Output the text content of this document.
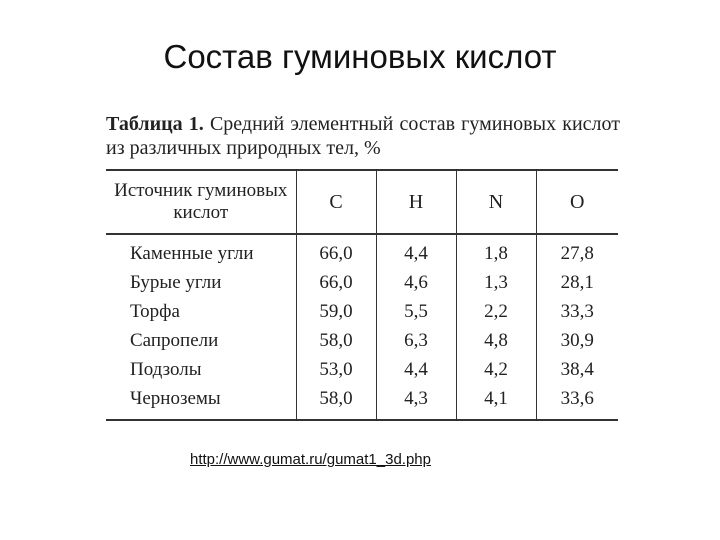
Состав гуминовых кислот
Таблица 1. Средний элементный состав гуминовых кислот из различных природных тел, %
Источник гуминовых кислот	C	H	N	O
Каменные угли	66,0	4,4	1,8	27,8
Бурые угли	66,0	4,6	1,3	28,1
Торфа	59,0	5,5	2,2	33,3
Сапропели	58,0	6,3	4,8	30,9
Подзолы	53,0	4,4	4,2	38,4
Черноземы	58,0	4,3	4,1	33,6
http://www.gumat.ru/gumat1_3d.php
